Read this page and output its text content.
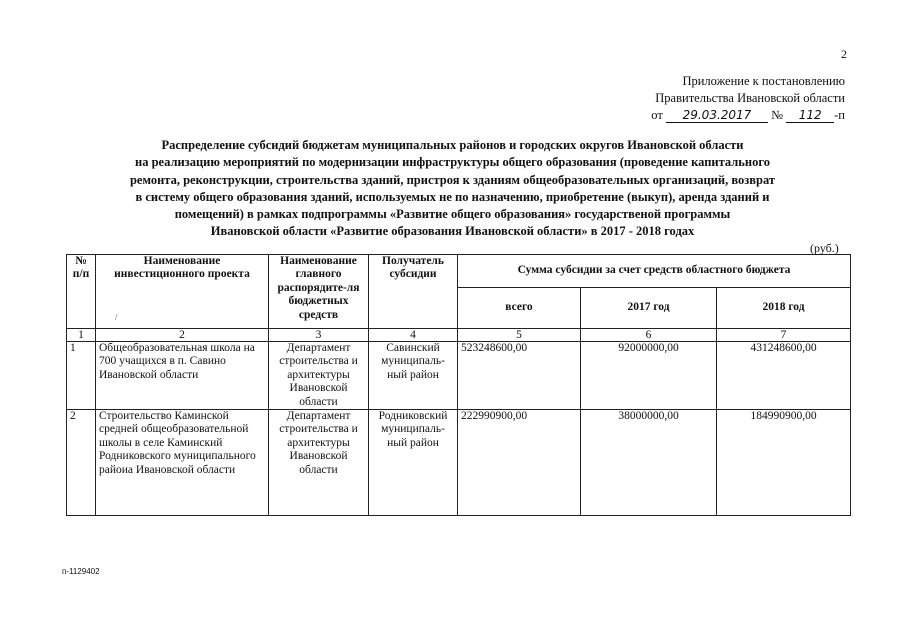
2
Приложение к постановлению
Правительства Ивановской области
от 29.03.2017 № 112 -п
Распределение субсидий бюджетам муниципальных районов и городских округов Ивановской области
на реализацию мероприятий по модернизации инфраструктуры общего образования (проведение капитального
ремонта, реконструкции, строительства зданий, пристроя к зданиям общеобразовательных организаций, возврат
в систему общего образования зданий, используемых не по назначению, приобретение (выкуп), аренда зданий и
помещений) в рамках подпрограммы «Развитие общего образования» государственой программы
Ивановской области «Развитие образования Ивановской области» в 2017 - 2018 годах
(руб.)
№ п/п	Наименование инвестиционного проекта	Наименование главного распорядите-ля бюджетных средств	Получатель субсидии	Сумма субсидии за счет средств областного бюджета		
				всего	2017 год	2018 год
1	2	3	4	5	6	7
1	Общеобразовательная школа на 700 учащихся в п. Савино Ивановской области	Департамент строительства и архитектуры Ивановской области	Савинский муниципаль-ный район	523248600,00	92000000,00	431248600,00
2	Строительство Каминской средней общеобразовательной школы в селе Каминский Родниковского муниципального райоиа Ивановской области	Департамент строительства и архитектуры Ивановской области	Родниковский муниципаль-ный район	222990900,00	38000000,00	184990900,00
/
п-1129402
